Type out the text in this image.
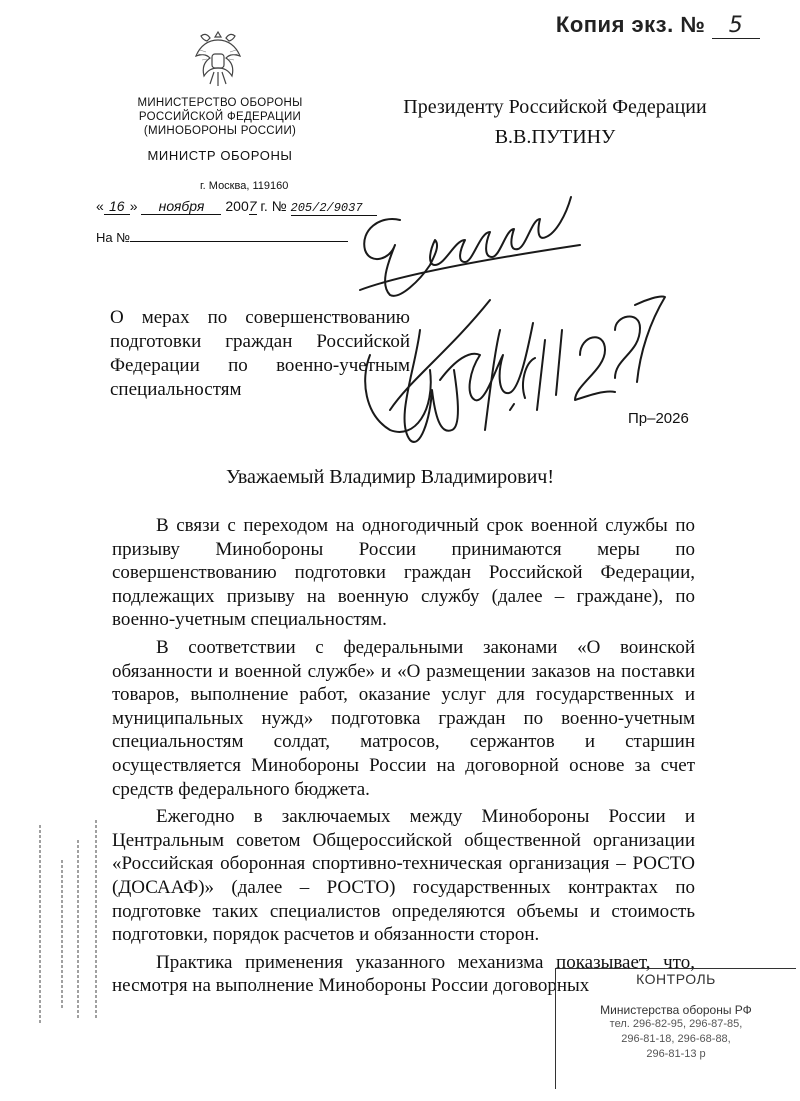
Копия экз. № 5
МИНИСТЕРСТВО ОБОРОНЫ
РОССИЙСКОЙ ФЕДЕРАЦИИ
(МИНОБОРОНЫ РОССИИ)
МИНИСТР ОБОРОНЫ
г. Москва, 119160
« 16 » ноября 2007 г. № 205/2/9037
На №
Президенту Российской Федерации
В.В.ПУТИНУ
О мерах по совершенствованию
подготовки граждан Российской
Федерации по военно-учетным
специальностям
Пр–2026
Уважаемый Владимир Владимирович!

В связи с переходом на одногодичный срок военной службы по призыву Минобороны России принимаются меры по совершенствованию подготовки граждан Российской Федерации, подлежащих призыву на военную службу (далее – граждане), по военно-учетным специальностям.

В соответствии с федеральными законами «О воинской обязанности и военной службе» и «О размещении заказов на поставки товаров, выполнение работ, оказание услуг для государственных и муниципальных нужд» подготовка граждан по военно-учетным специальностям солдат, матросов, сержантов и старшин осуществляется Минобороны России на договорной основе за счет средств федерального бюджета.

Ежегодно в заключаемых между Минобороны России и Центральным советом Общероссийской общественной организации «Российская оборонная спортивно-техническая организация – РОСТО (ДОСААФ)» (далее – РОСТО) государственных контрактах по подготовке таких специалистов определяются объемы и стоимость подготовки, порядок расчетов и обязанности сторон.

Практика применения указанного механизма показывает, что, несмотря на выполнение Минобороны России договорных	КОНТРОЛЬ
Министерства обороны РФ
тел. 296-82-95, 296-87-85,
296-81-18, 296-68-88,
296-81-13 р
